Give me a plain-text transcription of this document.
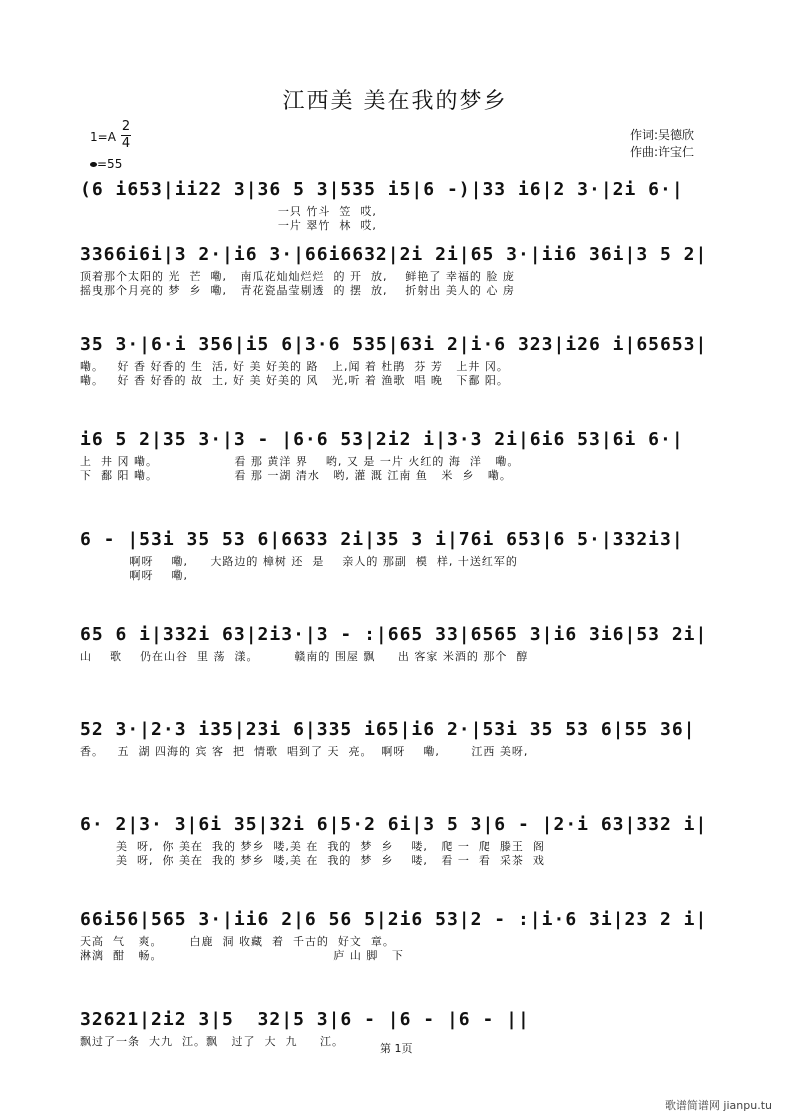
江西美 美在我的梦乡
1=A
2
4
=55
作词:吴德欣
作曲:许宝仁
(6 i653|ii22 3|36 5 3|535 i5|6 -)|33 i6|2 3·|2i 6·|
一只 竹斗  笠  哎,
一片 翠竹  林  哎,
3366i6i|3 2·|i6 3·|66i6632|2i 2i|65 3·|ii6 36i|3 5 2|
顶着那个太阳的 光  芒  嘞,   南瓜花灿灿烂烂  的 开  放,    鲜艳了 幸福的 脸 庞
摇曳那个月亮的 梦  乡  嘞,   青花瓷晶莹剔透  的 摆  放,    折射出 美人的 心 房
35 3·|6·i 356|i5 6|3·6 535|63i 2|i·6 323|i26 i|65653|
嘞。   好 香 好香的 生  活, 好 美 好美的 路   上,闻 着 杜鹃  芬 芳   上井 冈。
嘞。   好 香 好香的 故  土, 好 美 好美的 风   光,听 着 渔歌  唱 晚   下鄱 阳。
i6 5 2|35 3·|3 - |6·6 53|2i2 i|3·3 2i|6i6 53|6i 6·|
上  井 冈 嘞。                 看 那 黄洋 界    哟, 又 是 一片 火红的 海  洋   嘞。
下  鄱 阳 嘞。                 看 那 一湖 清水   哟, 灌 溉 江南 鱼   米  乡   嘞。
6 - |53i 35 53 6|6633 2i|35 3 i|76i 653|6 5·|332i3|
啊呀    嘞,     大路边的 樟树 还  是    亲人的 那副  模  样, 十送红军的
啊呀    嘞,
65 6 i|332i 63|2i3·|3 - :|665 33|6565 3|i6 3i6|53 2i|
山    歌    仍在山谷  里 荡  漾。        赣南的 围屋 飘     出 客家 米酒的 那个  醇
52 3·|2·3 i35|23i 6|335 i65|i6 2·|53i 35 53 6|55 36|
香。   五  湖 四海的 宾 客  把  情歌  唱到了 天  亮。  啊呀    嘞,       江西 美呀,
6· 2|3· 3|6i 35|32i 6|5·2 6i|3 5 3|6 - |2·i 63|332 i|
美  呀,  你 美在  我的 梦乡  喽,美 在  我的  梦  乡    喽,   爬 一  爬  滕王  阁
美  呀,  你 美在  我的 梦乡  喽,美 在  我的  梦  乡    喽,   看 一  看  采茶  戏
66i56|565 3·|ii6 2|6 56 5|2i6 53|2 - :|i·6 3i|23 2 i|
天高  气   爽。      白鹿  洞 收藏  着  千古的  好文  章。
淋漓  酣   畅。                                      庐 山 脚   下
32621|2i2 3|5  32|5 3|6 - |6 - |6 - ||
飘过了一条  大九  江。飘   过了  大  九     江。
第 1页
歌谱简谱网 jianpu.tu
